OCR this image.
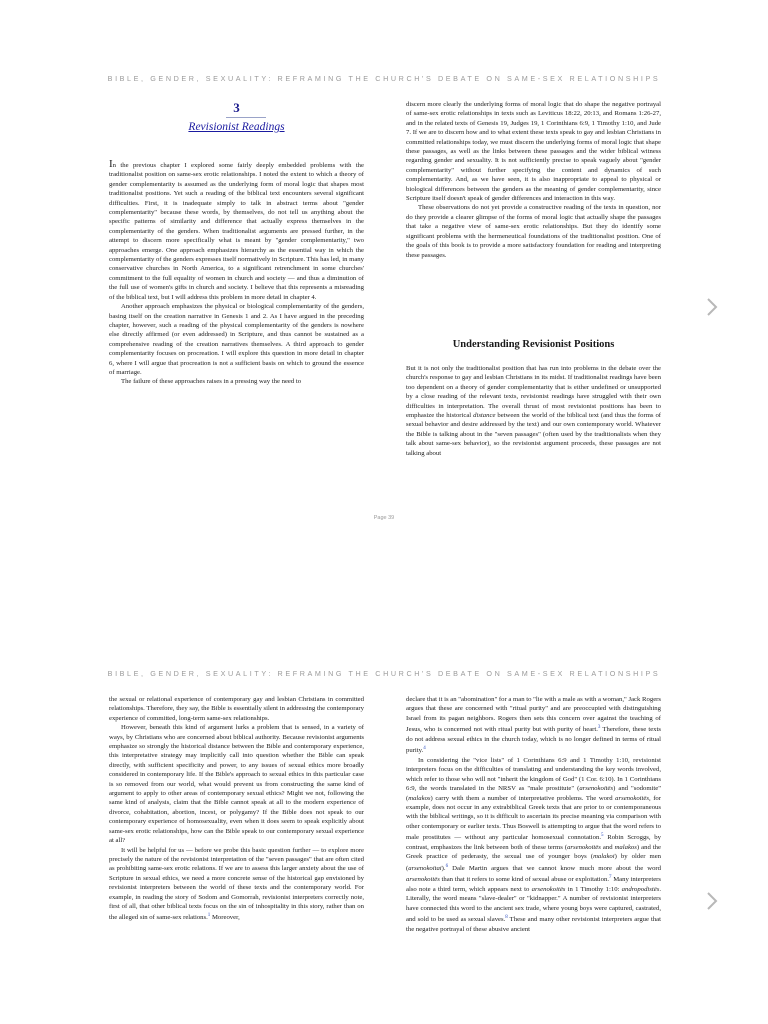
BIBLE, GENDER, SEXUALITY: REFRAMING THE CHURCH'S DEBATE ON SAME-SEX RELATIONSHIPS
3
Revisionist Readings

In the previous chapter I explored some fairly deeply embedded problems with the traditionalist position on same-sex erotic relationships. I noted the extent to which a theory of gender complementarity is assumed as the underlying form of moral logic that shapes most traditionalist positions. Yet such a reading of the biblical text encounters several significant difficulties. First, it is inadequate simply to talk in abstract terms about "gender complementarity" because these words, by themselves, do not tell us anything about the specific patterns of similarity and difference that actually express themselves in the complementarity of the genders. When traditionalist arguments are pressed further, in the attempt to discern more specifically what is meant by "gender complementarity," two approaches emerge. One approach emphasizes hierarchy as the essential way in which the complementarity of the genders expresses itself normatively in Scripture. This has led, in many conservative churches in North America, to a significant retrenchment in some churches' commitment to the full equality of women in church and society — and thus a diminution of the full use of women's gifts in church and society. I believe that this represents a misreading of the biblical text, but I will address this problem in more detail in chapter 4.

Another approach emphasizes the physical or biological complementarity of the genders, basing itself on the creation narrative in Genesis 1 and 2. As I have argued in the preceding chapter, however, such a reading of the physical complementarity of the genders is nowhere else directly affirmed (or even addressed) in Scripture, and thus cannot be sustained as a comprehensive reading of the creation narratives themselves. A third approach to gender complementarity focuses on procreation. I will explore this question in more detail in chapter 6, where I will argue that procreation is not a sufficient basis on which to ground the essence of marriage.

The failure of these approaches raises in a pressing way the need to

discern more clearly the underlying forms of moral logic that do shape the negative portrayal of same-sex erotic relationships in texts such as Leviticus 18:22, 20:13, and Romans 1:26-27, and in the related texts of Genesis 19, Judges 19, 1 Corinthians 6:9, 1 Timothy 1:10, and Jude 7. If we are to discern how and to what extent these texts speak to gay and lesbian Christians in committed relationships today, we must discern the underlying forms of moral logic that shape these passages, as well as the links between these passages and the wider biblical witness regarding gender and sexuality. It is not sufficiently precise to speak vaguely about "gender complementarity" without further specifying the content and dynamics of such complementarity. And, as we have seen, it is also inappropriate to appeal to physical or biological differences between the genders as the meaning of gender complementarity, since Scripture itself doesn't speak of gender differences and interaction in this way.

These observations do not yet provide a constructive reading of the texts in question, nor do they provide a clearer glimpse of the forms of moral logic that actually shape the passages that take a negative view of same-sex erotic relationships. But they do identify some significant problems with the hermeneutical foundations of the traditionalist position. One of the goals of this book is to provide a more satisfactory foundation for reading and interpreting these passages.

Understanding Revisionist Positions

But it is not only the traditionalist position that has run into problems in the debate over the church's response to gay and lesbian Christians in its midst. If traditionalist readings have been too dependent on a theory of gender complementarity that is either undefined or unsupported by a close reading of the relevant texts, revisionist readings have struggled with their own difficulties in interpretation. The overall thrust of most revisionist positions has been to emphasize the historical distance between the world of the biblical text (and thus the forms of sexual behavior and desire addressed by the text) and our own contemporary world. Whatever the Bible is talking about in the "seven passages" (often used by the traditionalists when they talk about same-sex behavior), so the revisionist argument proceeds, these passages are not talking about

Page 39
BIBLE, GENDER, SEXUALITY: REFRAMING THE CHURCH'S DEBATE ON SAME-SEX RELATIONSHIPS

the sexual or relational experience of contemporary gay and lesbian Christians in committed relationships. Therefore, they say, the Bible is essentially silent in addressing the contemporary experience of committed, long-term same-sex relationships.

However, beneath this kind of argument lurks a problem that is sensed, in a variety of ways, by Christians who are concerned about biblical authority. Because revisionist arguments emphasize so strongly the historical distance between the Bible and contemporary experience, this interpretative strategy may implicitly call into question whether the Bible can speak directly, with sufficient specificity and power, to any issues of sexual ethics more broadly considered in contemporary life. If the Bible's approach to sexual ethics in this particular case is so removed from our world, what would prevent us from constructing the same kind of argument to apply to other areas of contemporary sexual ethics? Might we not, following the same kind of analysis, claim that the Bible cannot speak at all to the modern experience of divorce, cohabitation, abortion, incest, or polygamy? If the Bible does not speak to our contemporary experience of homosexuality, even when it does seem to speak explicitly about same-sex erotic relationships, how can the Bible speak to our contemporary sexual experience at all?

It will be helpful for us — before we probe this basic question further — to explore more precisely the nature of the revisionist interpretation of the "seven passages" that are often cited as prohibiting same-sex erotic relations. If we are to assess this larger anxiety about the use of Scripture in sexual ethics, we need a more concrete sense of the historical gap envisioned by revisionist interpreters between the world of these texts and the contemporary world. For example, in reading the story of Sodom and Gomorrah, revisionist interpreters correctly note, first of all, that other biblical texts focus on the sin of inhospitality in this story, rather than on the alleged sin of same-sex relations.$^1$ Moreover,

declare that it is an "abomination" for a man to "lie with a male as with a woman," Jack Rogers argues that these are concerned with "ritual purity" and are preoccupied with distinguishing Israel from its pagan neighbors. Rogers then sets this concern over against the teaching of Jesus, who is concerned not with ritual purity but with purity of heart.$^3$ Therefore, these texts do not address sexual ethics in the church today, which is no longer defined in terms of ritual purity.$^4$

In considering the "vice lists" of 1 Corinthians 6:9 and 1 Timothy 1:10, revisionist interpreters focus on the difficulties of translating and understanding the key words involved, which refer to those who will not "inherit the kingdom of God" (1 Cor. 6:10). In 1 Corinthians 6:9, the words translated in the NRSV as "male prostitute" (arsenokoitēs) and "sodomite" (malakos) carry with them a number of interpretative problems. The word arsenokoitēs, for example, does not occur in any extrabiblical Greek texts that are prior to or contemporaneous with the biblical writings, so it is difficult to ascertain its precise meaning via comparison with other contemporary or earlier texts. Thus Boswell is attempting to argue that the word refers to male prostitutes — without any particular homosexual connotation.$^5$ Robin Scroggs, by contrast, emphasizes the link between both of these terms (arsenokoitēs and malakos) and the Greek practice of pederasty, the sexual use of younger boys (malakoi) by older men (arsenokoitai).$^6$ Dale Martin argues that we cannot know much more about the word arsenokoitēs than that it refers to some kind of sexual abuse or exploitation.$^7$ Many interpreters also note a third term, which appears next to arsenokoitēs in 1 Timothy 1:10: andropodistēs. Literally, the word means "slave-dealer" or "kidnapper." A number of revisionist interpreters have connected this word to the ancient sex trade, where young boys were captured, castrated, and sold to be used as sexual slaves.$^8$ These and many other revisionist interpreters argue that the negative portrayal of these abusive ancient
